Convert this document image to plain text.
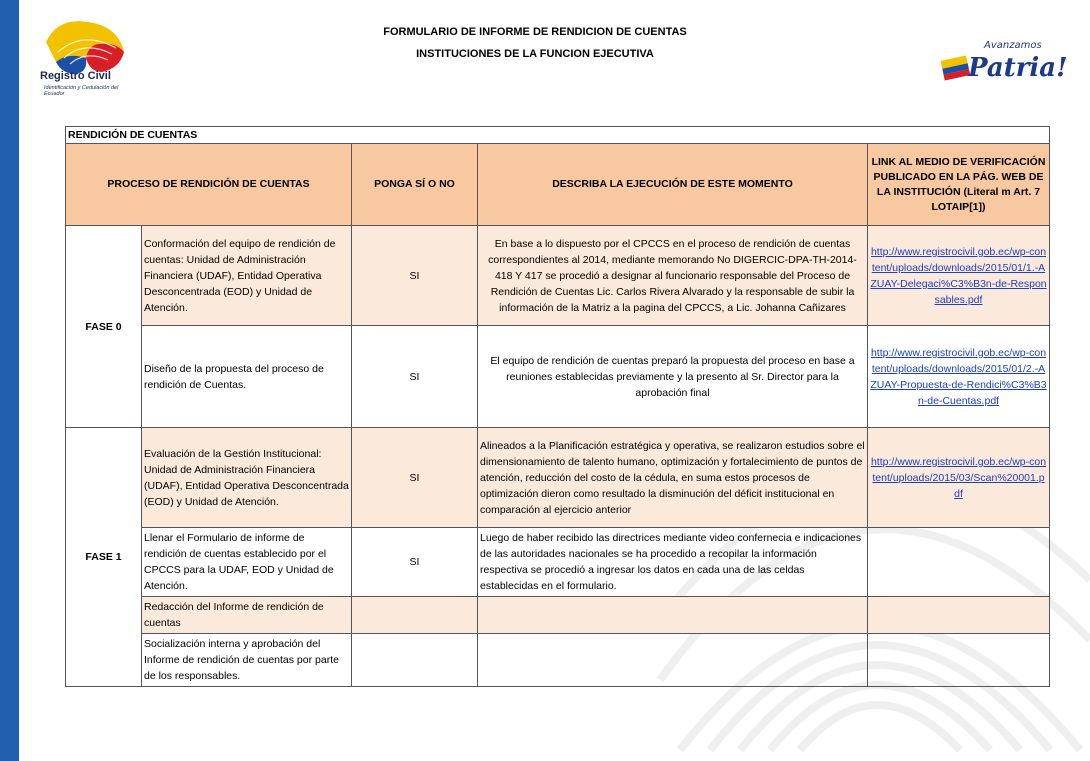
Registro Civil
Identificación y Cedulación del Ecuador
FORMULARIO DE INFORME DE RENDICION DE CUENTAS
INSTITUCIONES DE LA FUNCION EJECUTIVA
Avanzamos
Patria!
RENDICIÓN DE CUENTAS				
PROCESO DE RENDICIÓN DE CUENTAS		PONGA SÍ O NO	DESCRIBA LA EJECUCIÓN DE ESTE MOMENTO	LINK AL MEDIO DE VERIFICACIÓN PUBLICADO EN LA PÁG. WEB DE LA INSTITUCIÓN (Literal m Art. 7 LOTAIP[1])
FASE 0	Conformación del equipo de rendición de cuentas: Unidad de Administración Financiera (UDAF), Entidad Operativa Desconcentrada (EOD) y Unidad de Atención.	SI	En base a lo dispuesto por el CPCCS en el proceso de rendición de cuentas correspondientes al 2014, mediante memorando No DIGERCIC-DPA-TH-2014-418 Y 417 se procedió a designar al funcionario responsable del Proceso de Rendición de Cuentas Lic. Carlos Rivera Alvarado y la responsable de subir la información de la Matriz a la pagina del CPCCS, a Lic. Johanna Cañizares	http://www.registrocivil.gob.ec/wp-content/uploads/downloads/2015/01/1.-AZUAY-Delegaci%C3%B3n-de-Responsables.pdf
	Diseño de la propuesta del proceso de rendición de Cuentas.	SI	El equipo de rendición de cuentas preparó la propuesta del proceso en base a reuniones establecidas previamente y la presento al Sr. Director para la aprobación final	http://www.registrocivil.gob.ec/wp-content/uploads/downloads/2015/01/2.-AZUAY-Propuesta-de-Rendici%C3%B3n-de-Cuentas.pdf
FASE 1	Evaluación de la Gestión Institucional: Unidad de Administración Financiera (UDAF), Entidad Operativa Desconcentrada (EOD) y Unidad de Atención.	SI	Alineados a la Planificación estratégica y operativa, se realizaron estudios sobre el dimensionamiento de talento humano, optimización y fortalecimiento de puntos de atención, reducción del costo de la cédula, en suma estos procesos de optimización dieron como resultado la disminución del déficit institucional en comparación al ejercicio anterior	http://www.registrocivil.gob.ec/wp-content/uploads/2015/03/Scan%20001.pdf
	Llenar el Formulario de informe de rendición de cuentas establecido por el CPCCS para la UDAF, EOD y Unidad de Atención.	SI	Luego de haber recibido las directrices mediante video confernecia e indicaciones de las autoridades nacionales se ha procedido a recopilar la información respectiva se procedió a ingresar los datos en cada una de las celdas establecidas en el formulario.	
	Redacción del Informe de rendición de cuentas			
	Socialización interna y aprobación del Informe de rendición de cuentas por parte de los responsables.			
